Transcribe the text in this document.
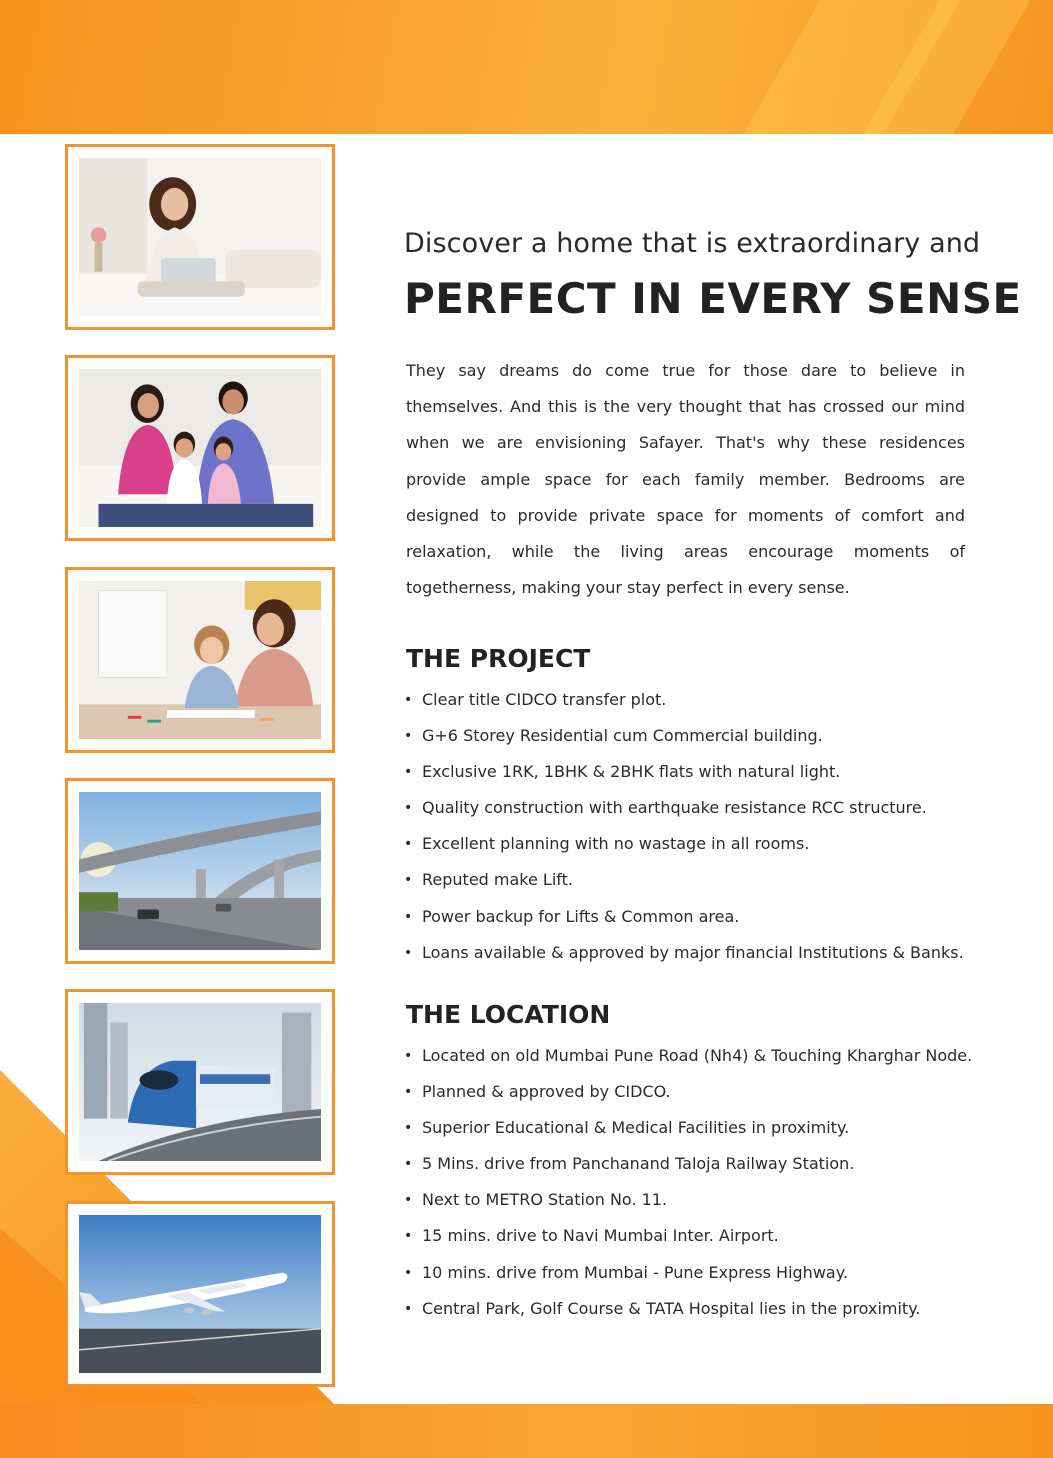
Discover a home that is extraordinary and
PERFECT IN EVERY SENSE

They say dreams do come true for those dare to believe in themselves. And this is the very thought that has crossed our mind when we are envisioning Safayer. That's why these residences provide ample space for each family member. Bedrooms are designed to provide private space for moments of comfort and relaxation, while the living areas encourage moments of togetherness, making your stay perfect in every sense.

THE PROJECT
• Clear title CIDCO transfer plot.
• G+6 Storey Residential cum Commercial building.
• Exclusive 1RK, 1BHK & 2BHK flats with natural light.
• Quality construction with earthquake resistance RCC structure.
• Excellent planning with no wastage in all rooms.
• Reputed make Lift.
• Power backup for Lifts & Common area.
• Loans available & approved by major financial Institutions & Banks.
THE LOCATION
• Located on old Mumbai Pune Road (Nh4) & Touching Kharghar Node.
• Planned & approved by CIDCO.
• Superior Educational & Medical Facilities in proximity.
• 5 Mins. drive from Panchanand Taloja Railway Station.
• Next to METRO Station No. 11.
• 15 mins. drive to Navi Mumbai Inter. Airport.
• 10 mins. drive from Mumbai - Pune Express Highway.
• Central Park, Golf Course & TATA Hospital lies in the proximity.
